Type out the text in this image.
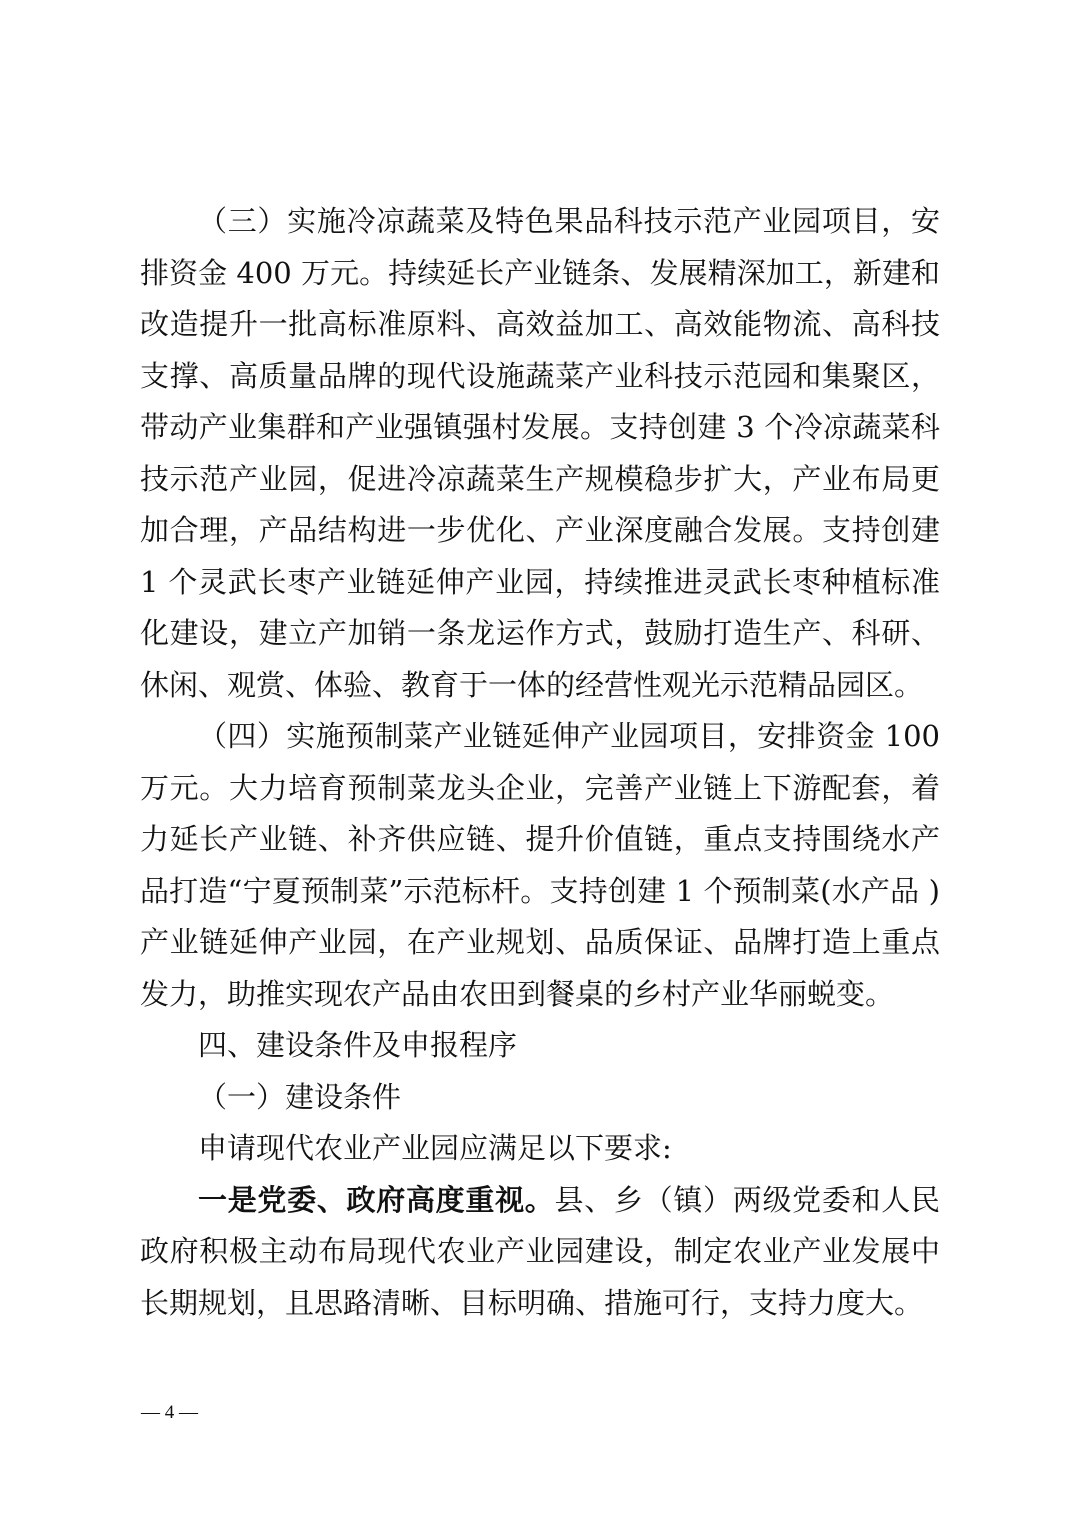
（三）实施冷凉蔬菜及特色果品科技示范产业园项目，安排资金 400 万元。持续延长产业链条、发展精深加工，新建和改造提升一批高标准原料、高效益加工、高效能物流、高科技支撑、高质量品牌的现代设施蔬菜产业科技示范园和集聚区，带动产业集群和产业强镇强村发展。支持创建 3 个冷凉蔬菜科技示范产业园，促进冷凉蔬菜生产规模稳步扩大，产业布局更加合理，产品结构进一步优化、产业深度融合发展。支持创建 1 个灵武长枣产业链延伸产业园，持续推进灵武长枣种植标准化建设，建立产加销一条龙运作方式，鼓励打造生产、科研、休闲、观赏、体验、教育于一体的经营性观光示范精品园区。

（四）实施预制菜产业链延伸产业园项目，安排资金 100 万元。大力培育预制菜龙头企业，完善产业链上下游配套，着力延长产业链、补齐供应链、提升价值链，重点支持围绕水产品打造“宁夏预制菜”示范标杆。支持创建 1 个预制菜(水产品 ) 产业链延伸产业园，在产业规划、品质保证、品牌打造上重点发力，助推实现农产品由农田到餐桌的乡村产业华丽蜕变。

四、建设条件及申报程序

（一）建设条件

申请现代农业产业园应满足以下要求:

一是党委、政府高度重视。县、乡（镇）两级党委和人民政府积极主动布局现代农业产业园建设，制定农业产业发展中长期规划，且思路清晰、目标明确、措施可行，支持力度大。

— 4 —
